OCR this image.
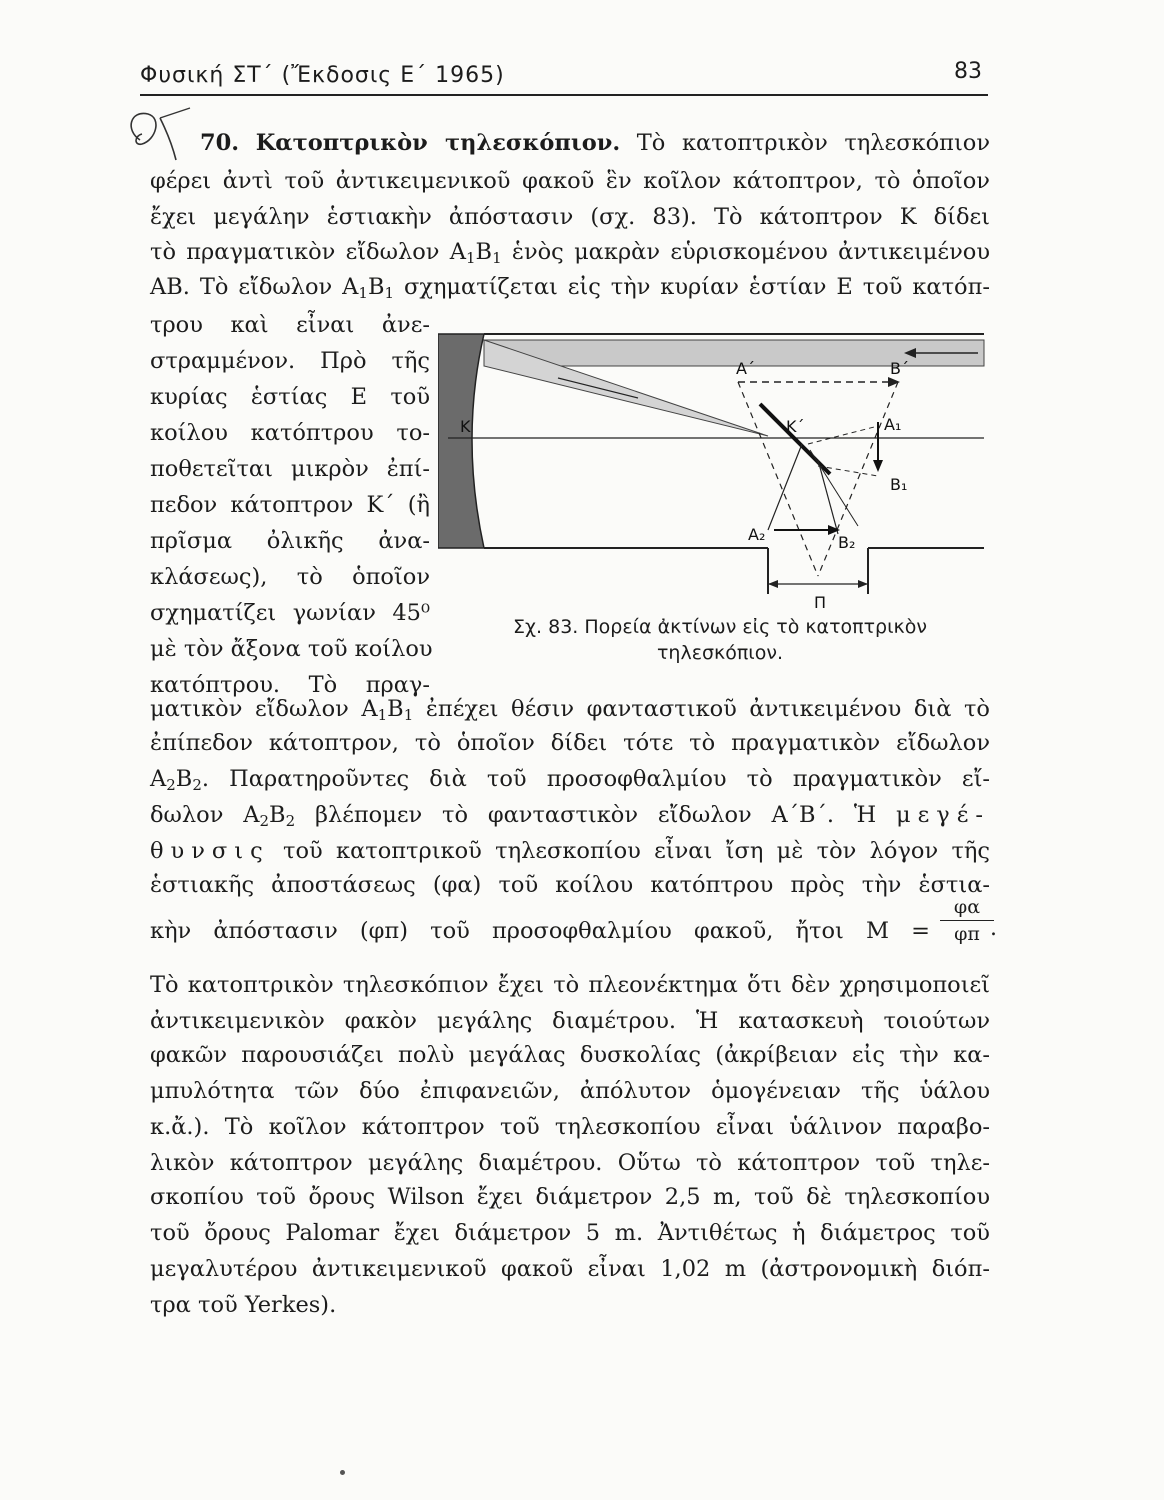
Φυσική ΣΤ΄ (Ἔκδοσις Ε΄ 1965)	83
70. Κατοπτρικὸν τηλεσκόπιον. Τὸ κατοπτρικὸν τηλεσκόπιον
φέρει ἀντὶ τοῦ ἀντικειμενικοῦ φακοῦ ἓν κοῖλον κάτοπτρον, τὸ ὁποῖον
ἔχει μεγάλην ἑστιακὴν ἀπόστασιν (σχ. 83). Τὸ κάτοπτρον Κ δίδει
τὸ πραγματικὸν εἴδωλον $A_1B_1$ ἑνὸς μακρὰν εὑρισκομένου ἀντικειμένου
AB. Τὸ εἴδωλον $A_1B_1$ σχηματίζεται εἰς τὴν κυρίαν ἑστίαν Ε τοῦ κατόπ-
τρου καὶ εἶναι ἀνε-
στραμμένον. Πρὸ τῆς
κυρίας ἑστίας Ε τοῦ
κοίλου κατόπτρου το-
ποθετεῖται μικρὸν ἐπί-
πεδον κάτοπτρον Κ΄ (ἢ
πρῖσμα ὀλικῆς ἀνα-
κλάσεως), τὸ ὁποῖον
σχηματίζει γωνίαν 45⁰
μὲ τὸν ἄξονα τοῦ κοίλου
κατόπτρου. Τὸ πραγ-
K
A΄	B΄
K΄	A₁
B₁
A₂	B₂
Π
Σχ. 83. Πορεία ἀκτίνων εἰς τὸ κατοπτρικὸν
τηλεσκόπιον.
ματικὸν εἴδωλον $A_1B_1$ ἐπέχει θέσιν φανταστικοῦ ἀντικειμένου διὰ τὸ
ἐπίπεδον κάτοπτρον, τὸ ὁποῖον δίδει τότε τὸ πραγματικὸν εἴδωλον
$A_2B_2$. Παρατηροῦντες διὰ τοῦ προσοφθαλμίου τὸ πραγματικὸν εἴ-
δωλον $A_2B_2$ βλέπομεν τὸ φανταστικὸν εἴδωλον A΄B΄. Ἡ μεγέ-
θυνσις τοῦ κατοπτρικοῦ τηλεσκοπίου εἶναι ἴση μὲ τὸν λόγον τῆς
ἑστιακῆς ἀποστάσεως (φα) τοῦ κοίλου κατόπτρου πρὸς τὴν ἑστια-
κὴν ἀπόστασιν (φπ) τοῦ προσοφθαλμίου φακοῦ, ἤτοι $M = \frac{\varphi\alpha}{\varphi\pi}$
.
Τὸ κατοπτρικὸν τηλεσκόπιον ἔχει τὸ πλεονέκτημα ὅτι δὲν χρησιμοποιεῖ
ἀντικειμενικὸν φακὸν μεγάλης διαμέτρου. Ἡ κατασκευὴ τοιούτων
φακῶν παρουσιάζει πολὺ μεγάλας δυσκολίας (ἀκρίβειαν εἰς τὴν κα-
μπυλότητα τῶν δύο ἐπιφανειῶν, ἀπόλυτον ὁμογένειαν τῆς ὑάλου
κ.ἄ.). Τὸ κοῖλον κάτοπτρον τοῦ τηλεσκοπίου εἶναι ὑάλινον παραβο-
λικὸν κάτοπτρον μεγάλης διαμέτρου. Οὕτω τὸ κάτοπτρον τοῦ τηλε-
σκοπίου τοῦ ὄρους Wilson ἔχει διάμετρον 2,5 m, τοῦ δὲ τηλεσκοπίου
τοῦ ὄρους Palomar ἔχει διάμετρον 5 m. Ἀντιθέτως ἡ διάμετρος τοῦ
μεγαλυτέρου ἀντικειμενικοῦ φακοῦ εἶναι 1,02 m (ἀστρονομικὴ διόπ-
τρα τοῦ Yerkes).
